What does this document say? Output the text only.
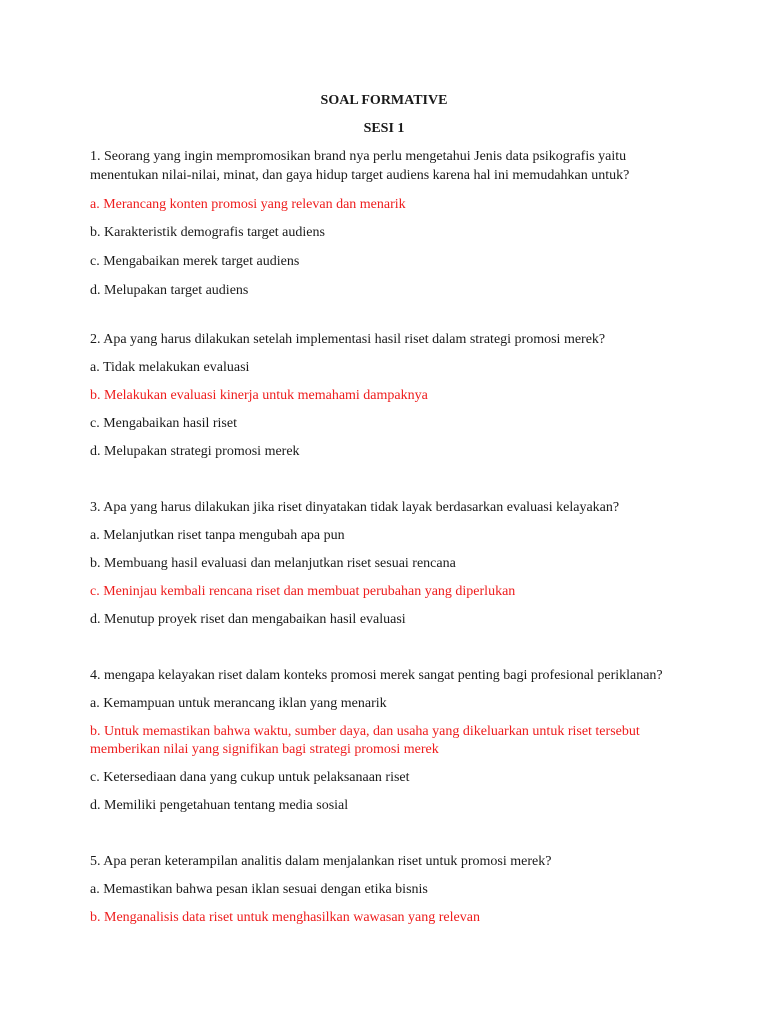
SOAL FORMATIVE
SESI 1
1. Seorang yang ingin mempromosikan brand nya perlu mengetahui Jenis data psikografis yaitu
menentukan nilai-nilai, minat, dan gaya hidup target audiens karena hal ini memudahkan untuk?
a. Merancang konten promosi yang relevan dan menarik
b. Karakteristik demografis target audiens
c. Mengabaikan merek target audiens
d. Melupakan target audiens
2. Apa yang harus dilakukan setelah implementasi hasil riset dalam strategi promosi merek?
a. Tidak melakukan evaluasi
b. Melakukan evaluasi kinerja untuk memahami dampaknya
c. Mengabaikan hasil riset
d. Melupakan strategi promosi merek
3. Apa yang harus dilakukan jika riset dinyatakan tidak layak berdasarkan evaluasi kelayakan?
a. Melanjutkan riset tanpa mengubah apa pun
b. Membuang hasil evaluasi dan melanjutkan riset sesuai rencana
c. Meninjau kembali rencana riset dan membuat perubahan yang diperlukan
d. Menutup proyek riset dan mengabaikan hasil evaluasi
4. mengapa kelayakan riset dalam konteks promosi merek sangat penting bagi profesional periklanan?
a. Kemampuan untuk merancang iklan yang menarik
b. Untuk memastikan bahwa waktu, sumber daya, dan usaha yang dikeluarkan untuk riset tersebut
memberikan nilai yang signifikan bagi strategi promosi merek
c. Ketersediaan dana yang cukup untuk pelaksanaan riset
d. Memiliki pengetahuan tentang media sosial
5. Apa peran keterampilan analitis dalam menjalankan riset untuk promosi merek?
a. Memastikan bahwa pesan iklan sesuai dengan etika bisnis
b. Menganalisis data riset untuk menghasilkan wawasan yang relevan
